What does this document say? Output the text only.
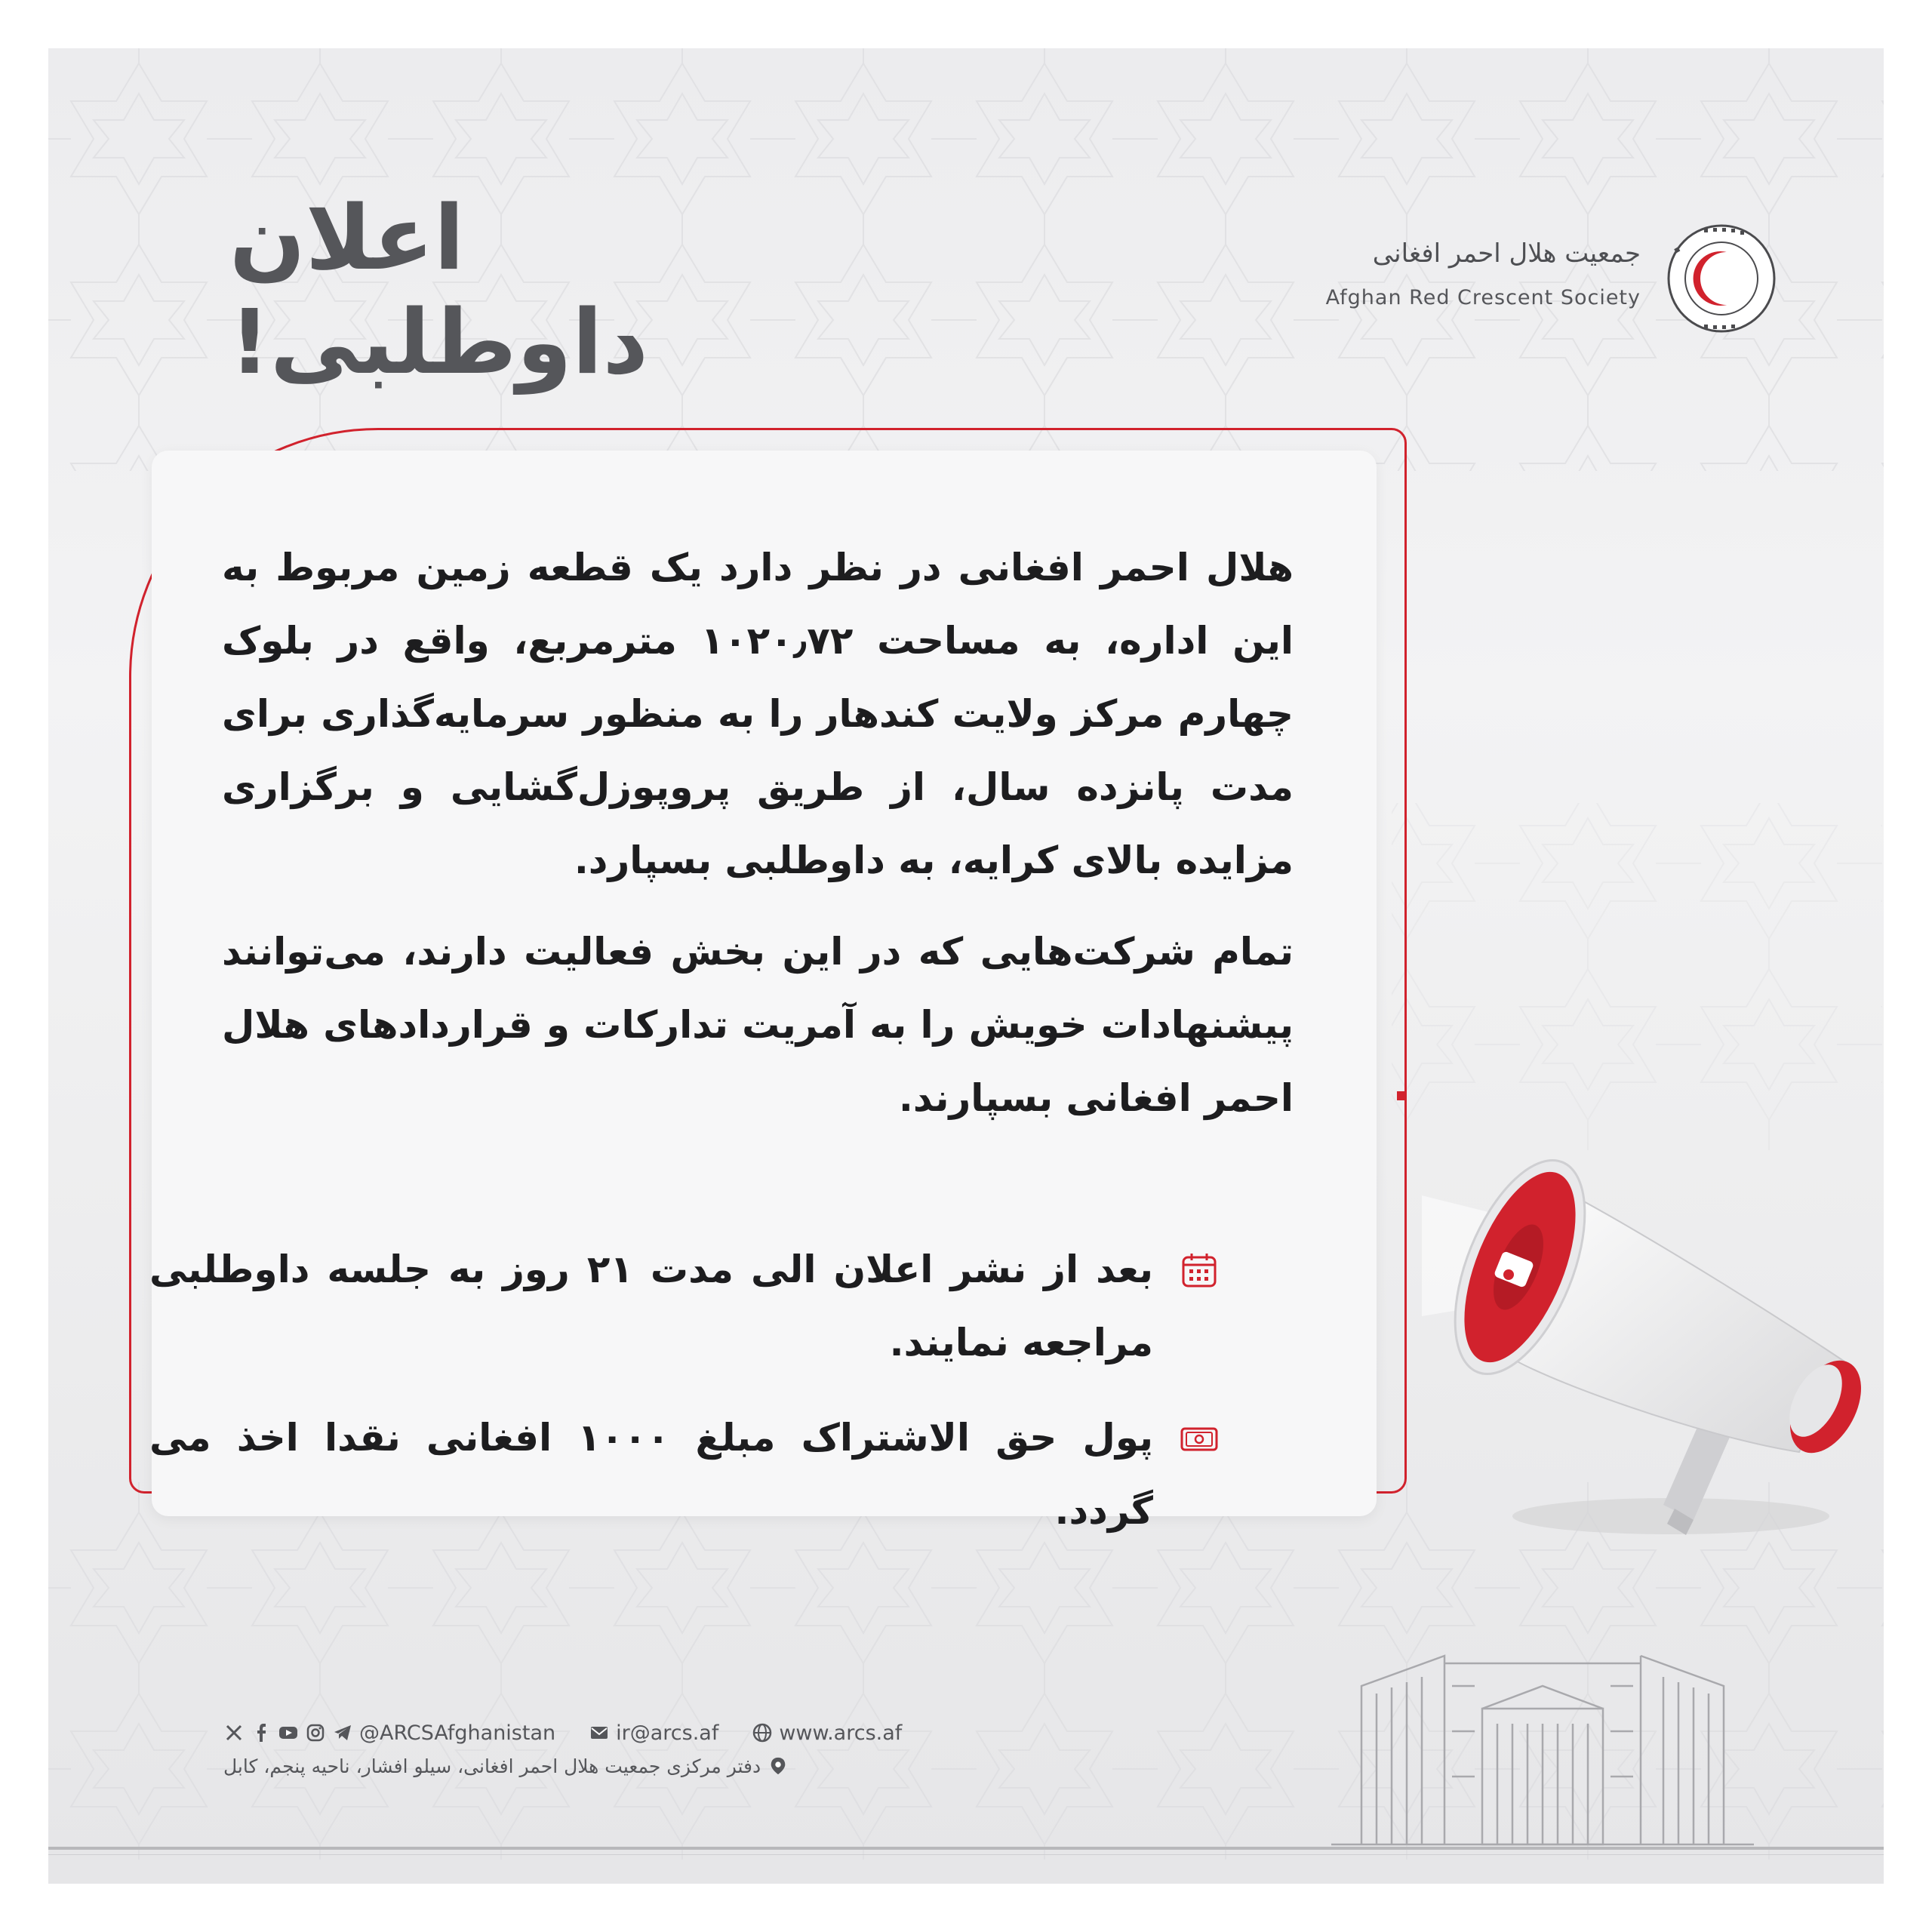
اعلان داوطلبی!
جمعیت هلال احمر افغانی
Afghan Red Crescent Society

هلال احمر افغانی در نظر دارد یک قطعه زمین مربوط به این اداره، به مساحت ۱۰۲۰٫۷۲ مترمربع، واقع در بلوک چهارم مرکز ولایت کندهار را به منظور سرمایه‌گذاری برای مدت پانزده سال، از طریق پروپوزل‌گشایی و برگزاری مزایده بالای کرایه، به داوطلبی بسپارد.

تمام شرکت‌هایی که در این بخش فعالیت دارند، می‌توانند پیشنهادات خویش را به آمریت تدارکات و قراردادهای هلال احمر افغانی بسپارند.

بعد از نشر اعلان الی مدت ۲۱ روز به جلسه داوطلبی مراجعه نمایند.
پول حق الاشتراک مبلغ ۱۰۰۰ افغانی نقدا اخذ می گردد.
@ARCSAfghanistan	ir@arcs.af	www.arcs.af
دفتر مرکزی جمعیت هلال احمر افغانی، سیلو افشار، ناحیه پنجم، کابل
